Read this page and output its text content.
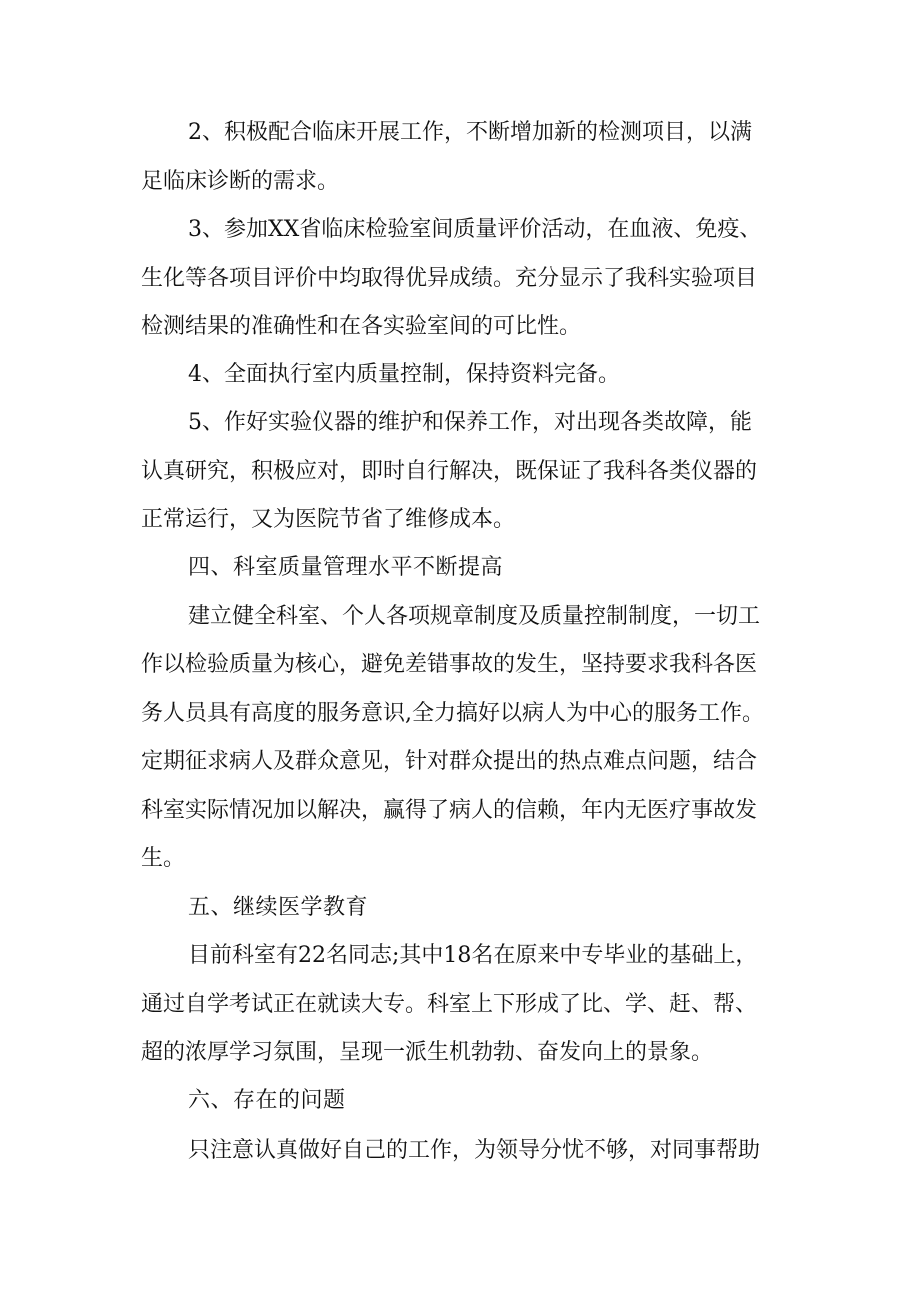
2、积极配合临床开展工作，不断增加新的检测项目，以满
足临床诊断的需求。
3、参加XX省临床检验室间质量评价活动，在血液、免疫、
生化等各项目评价中均取得优异成绩。充分显示了我科实验项目
检测结果的准确性和在各实验室间的可比性。
4、全面执行室内质量控制，保持资料完备。
5、作好实验仪器的维护和保养工作，对出现各类故障，能
认真研究，积极应对，即时自行解决，既保证了我科各类仪器的
正常运行，又为医院节省了维修成本。
四、科室质量管理水平不断提高
建立健全科室、个人各项规章制度及质量控制制度，一切工
作以检验质量为核心，避免差错事故的发生，坚持要求我科各医
务人员具有高度的服务意识,全力搞好以病人为中心的服务工作。
定期征求病人及群众意见，针对群众提出的热点难点问题，结合
科室实际情况加以解决，赢得了病人的信赖，年内无医疗事故发
生。
五、继续医学教育
目前科室有22名同志;其中18名在原来中专毕业的基础上，
通过自学考试正在就读大专。科室上下形成了比、学、赶、帮、
超的浓厚学习氛围，呈现一派生机勃勃、奋发向上的景象。
六、存在的问题
只注意认真做好自己的工作，为领导分忧不够，对同事帮助
